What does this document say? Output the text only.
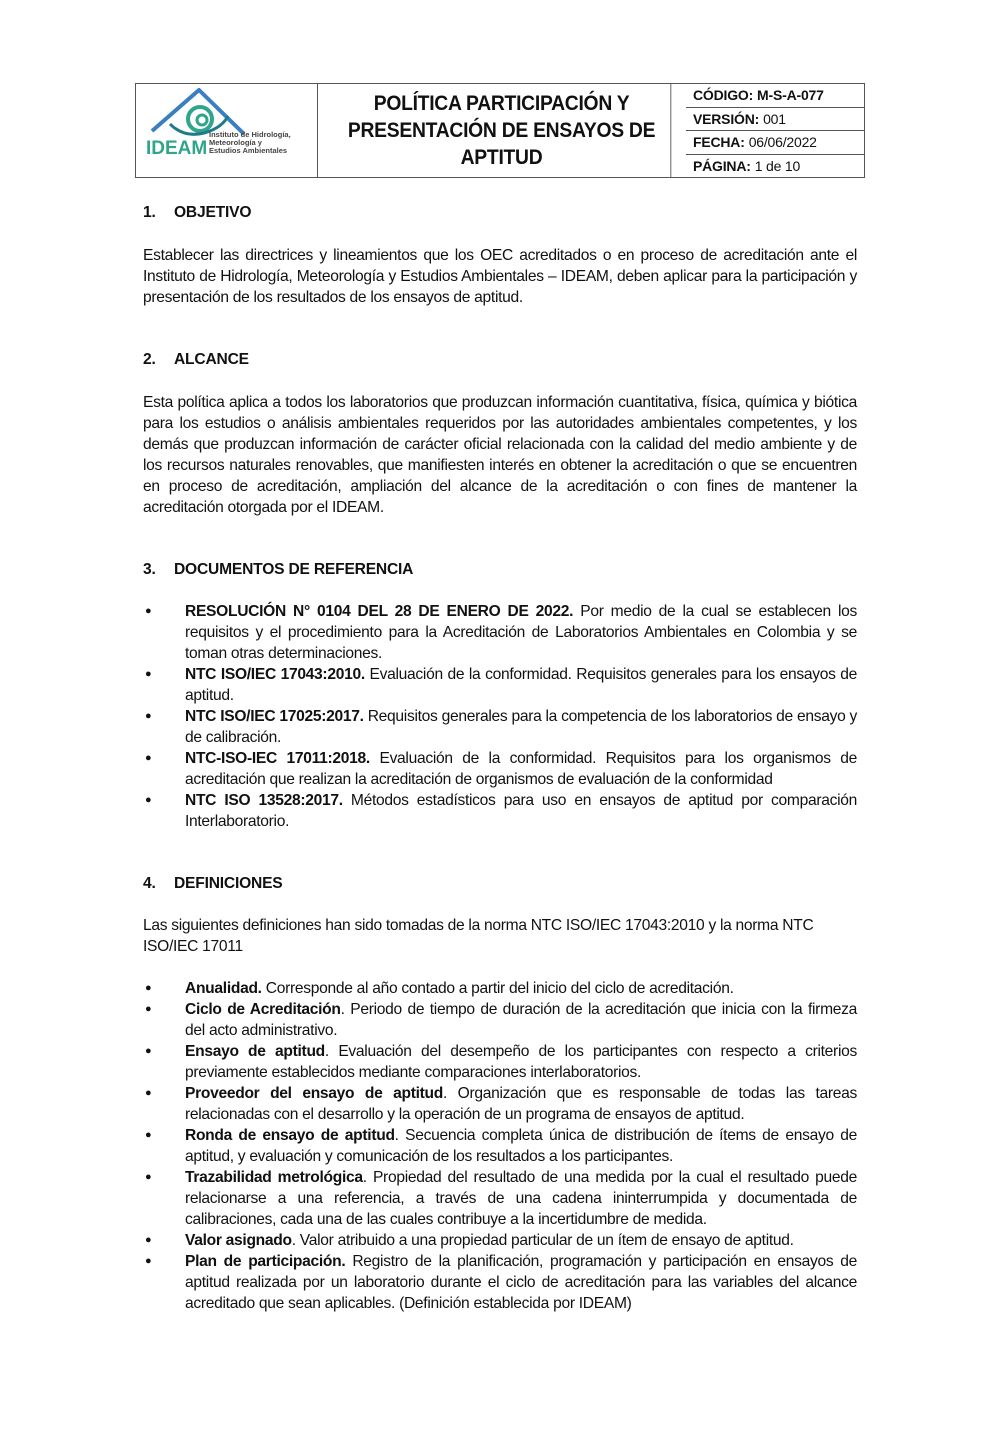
IDEAM
Instituto de Hidrología,
Meteorología y
Estudios Ambientales
POLÍTICA PARTICIPACIÓN Y
PRESENTACIÓN DE ENSAYOS DE
APTITUD
CÓDIGO: M-S-A-077
VERSIÓN: 001
FECHA: 06/06/2022
PÁGINA: 1 de 10
1.	OBJETIVO

Establecer las directrices y lineamientos que los OEC acreditados o en proceso de acreditación ante el Instituto de Hidrología, Meteorología y Estudios Ambientales – IDEAM, deben aplicar para la participación y presentación de los resultados de los ensayos de aptitud.

2.	ALCANCE

Esta política aplica a todos los laboratorios que produzcan información cuantitativa, física, química y biótica para los estudios o análisis ambientales requeridos por las autoridades ambientales competentes, y los demás que produzcan información de carácter oficial relacionada con la calidad del medio ambiente y de los recursos naturales renovables, que manifiesten interés en obtener la acreditación o que se encuentren en proceso de acreditación, ampliación del alcance de la acreditación o con fines de mantener la acreditación otorgada por el IDEAM.

3.	DOCUMENTOS DE REFERENCIA
●	RESOLUCIÓN N° 0104 DEL 28 DE ENERO DE 2022. Por medio de la cual se establecen los requisitos y el procedimiento para la Acreditación de Laboratorios Ambientales en Colombia y se toman otras determinaciones.
●	NTC ISO/IEC 17043:2010. Evaluación de la conformidad. Requisitos generales para los ensayos de aptitud.
●	NTC ISO/IEC 17025:2017. Requisitos generales para la competencia de los laboratorios de ensayo y de calibración.
●	NTC-ISO-IEC 17011:2018. Evaluación de la conformidad. Requisitos para los organismos de acreditación que realizan la acreditación de organismos de evaluación de la conformidad
●	NTC ISO 13528:2017. Métodos estadísticos para uso en ensayos de aptitud por comparación Interlaboratorio.
4.	DEFINICIONES
Las siguientes definiciones han sido tomadas de la norma NTC ISO/IEC 17043:2010 y la norma NTC
ISO/IEC 17011
●	Anualidad. Corresponde al año contado a partir del inicio del ciclo de acreditación.
●	Ciclo de Acreditación. Periodo de tiempo de duración de la acreditación que inicia con la firmeza del acto administrativo.
●	Ensayo de aptitud. Evaluación del desempeño de los participantes con respecto a criterios previamente establecidos mediante comparaciones interlaboratorios.
●	Proveedor del ensayo de aptitud. Organización que es responsable de todas las tareas relacionadas con el desarrollo y la operación de un programa de ensayos de aptitud.
●	Ronda de ensayo de aptitud. Secuencia completa única de distribución de ítems de ensayo de aptitud, y evaluación y comunicación de los resultados a los participantes.
●	Trazabilidad metrológica. Propiedad del resultado de una medida por la cual el resultado puede relacionarse a una referencia, a través de una cadena ininterrumpida y documentada de calibraciones, cada una de las cuales contribuye a la incertidumbre de medida.
●	Valor asignado. Valor atribuido a una propiedad particular de un ítem de ensayo de aptitud.
●	Plan de participación. Registro de la planificación, programación y participación en ensayos de aptitud realizada por un laboratorio durante el ciclo de acreditación para las variables del alcance acreditado que sean aplicables. (Definición establecida por IDEAM)
